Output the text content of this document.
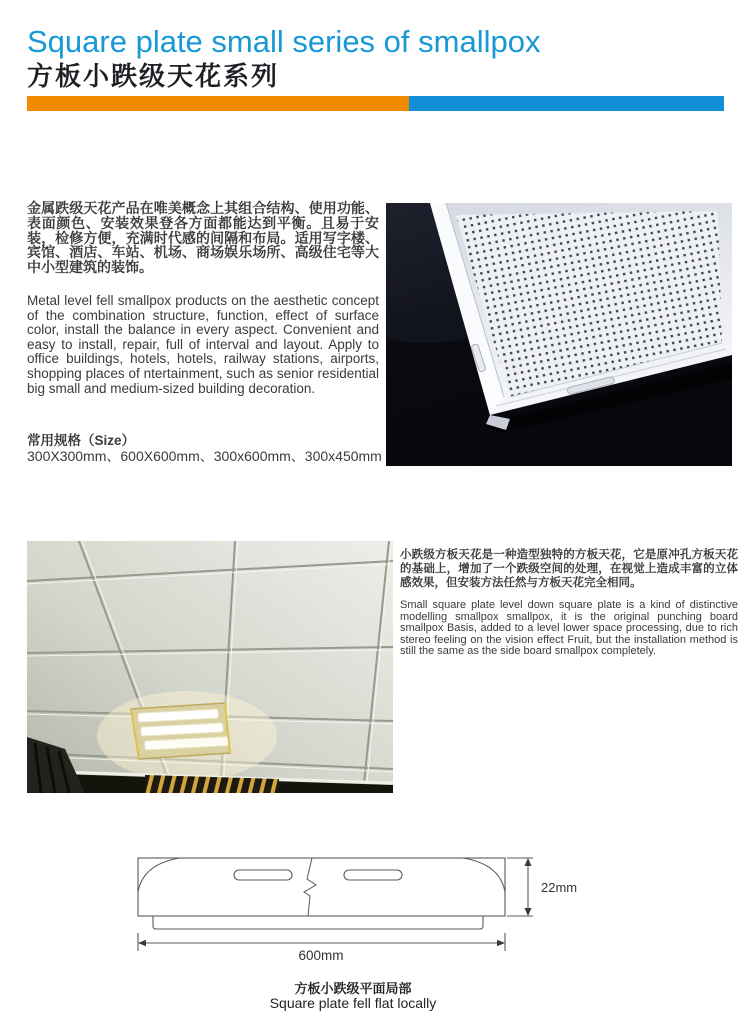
Square plate small series of smallpox
方板小跌级天花系列
金属跌级天花产品在唯美概念上其组合结构、使用功能、表面颜色、安装效果登各方面都能达到平衡。且易于安装，检修方便，充满时代感的间隔和布局。适用写字楼、宾馆、酒店、车站、机场、商场娱乐场所、高级住宅等大中小型建筑的装饰。
Metal level fell smallpox products on the aesthetic concept of the combination structure, function, effect of surface color, install the balance in every aspect. Convenient and easy to install, repair, full of interval and layout. Apply to office buildings, hotels, hotels, railway stations, airports, shopping places of ntertainment, such as senior residential big small and medium-sized building decoration.
常用规格（Size）
300X300mm、600X600mm、300x600mm、300x450mm
小跌级方板天花是一种造型独特的方板天花，它是原冲孔方板天花的基础上，增加了一个跌级空间的处理，在视觉上造成丰富的立体感效果，但安装方法任然与方板天花完全相同。
Small square plate level down square plate is a kind of distinctive modelling smallpox smallpox, it is the original punching board smallpox Basis, added to a level lower space processing, due to rich stereo feeling on the vision effect Fruit, but the installation method is still the same as the side board smallpox completely.
22mm
600mm
方板小跌级平面局部
Square plate fell flat locally
